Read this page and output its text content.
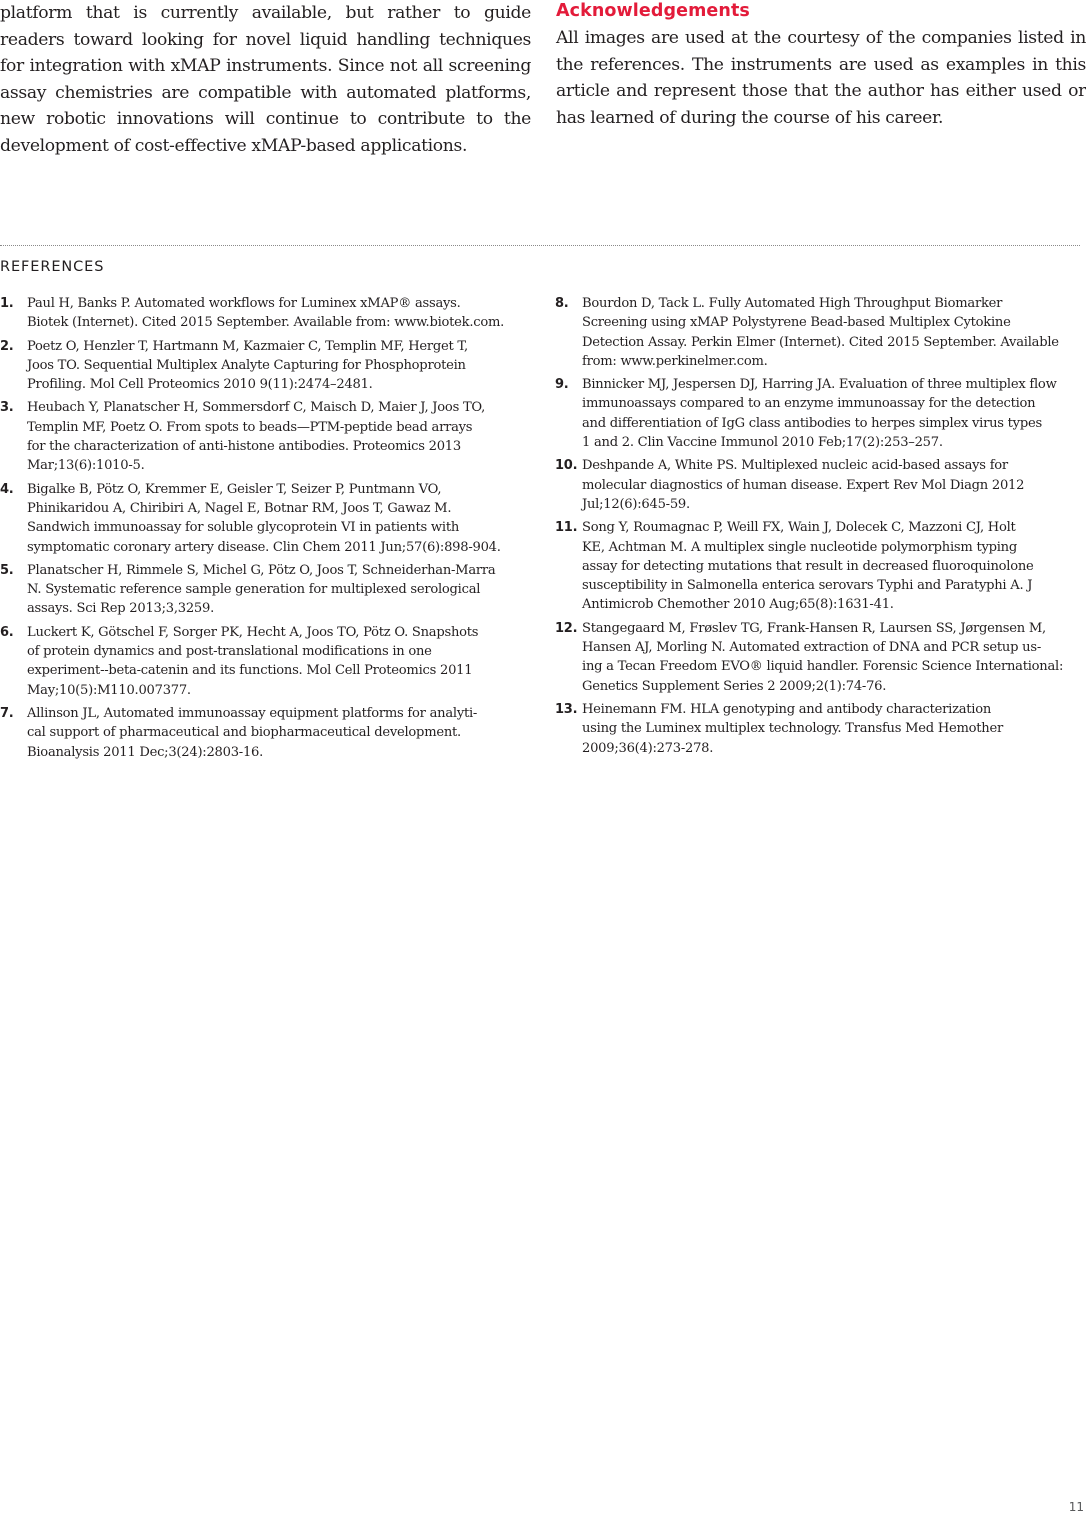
platform that is currently available, but rather to guide readers toward looking for novel liquid handling techniques for integration with xMAP instruments. Since not all screening assay chemistries are compatible with automated platforms, new robotic innovations will continue to contribute to the development of cost-effective xMAP-based applications.

Acknowledgements

All images are used at the courtesy of the companies listed in the references. The instruments are used as examples in this article and represent those that the author has either used or has learned of during the course of his career.

REFERENCES
1. Paul H, Banks P. Automated workflows for Luminex xMAP® assays.
Biotek (Internet). Cited 2015 September. Available from: www.biotek.com.
2. Poetz O, Henzler T, Hartmann M, Kazmaier C, Templin MF, Herget T,
Joos TO. Sequential Multiplex Analyte Capturing for Phosphoprotein
Profiling. Mol Cell Proteomics 2010 9(11):2474–2481.
3. Heubach Y, Planatscher H, Sommersdorf C, Maisch D, Maier J, Joos TO,
Templin MF, Poetz O. From spots to beads—PTM-peptide bead arrays
for the characterization of anti-histone antibodies. Proteomics 2013
Mar;13(6):1010-5.
4. Bigalke B, Pötz O, Kremmer E, Geisler T, Seizer P, Puntmann VO,
Phinikaridou A, Chiribiri A, Nagel E, Botnar RM, Joos T, Gawaz M.
Sandwich immunoassay for soluble glycoprotein VI in patients with
symptomatic coronary artery disease. Clin Chem 2011 Jun;57(6):898-904.
5. Planatscher H, Rimmele S, Michel G, Pötz O, Joos T, Schneiderhan-Marra
N. Systematic reference sample generation for multiplexed serological
assays. Sci Rep 2013;3,3259.
6. Luckert K, Götschel F, Sorger PK, Hecht A, Joos TO, Pötz O. Snapshots
of protein dynamics and post-translational modifications in one
experiment--beta-catenin and its functions. Mol Cell Proteomics 2011
May;10(5):M110.007377.
7. Allinson JL, Automated immunoassay equipment platforms for analyti-
cal support of pharmaceutical and biopharmaceutical development.
Bioanalysis 2011 Dec;3(24):2803-16.
8. Bourdon D, Tack L. Fully Automated High Throughput Biomarker
Screening using xMAP Polystyrene Bead-based Multiplex Cytokine
Detection Assay. Perkin Elmer (Internet). Cited 2015 September. Available
from: www.perkinelmer.com.
9. Binnicker MJ, Jespersen DJ, Harring JA. Evaluation of three multiplex flow
immunoassays compared to an enzyme immunoassay for the detection
and differentiation of IgG class antibodies to herpes simplex virus types
1 and 2. Clin Vaccine Immunol 2010 Feb;17(2):253–257.
10. Deshpande A, White PS. Multiplexed nucleic acid-based assays for
molecular diagnostics of human disease. Expert Rev Mol Diagn 2012
Jul;12(6):645-59.
11. Song Y, Roumagnac P, Weill FX, Wain J, Dolecek C, Mazzoni CJ, Holt
KE, Achtman M. A multiplex single nucleotide polymorphism typing
assay for detecting mutations that result in decreased fluoroquinolone
susceptibility in Salmonella enterica serovars Typhi and Paratyphi A. J
Antimicrob Chemother 2010 Aug;65(8):1631-41.
12. Stangegaard M, Frøslev TG, Frank-Hansen R, Laursen SS, Jørgensen M,
Hansen AJ, Morling N. Automated extraction of DNA and PCR setup us-
ing a Tecan Freedom EVO® liquid handler. Forensic Science International:
Genetics Supplement Series 2 2009;2(1):74-76.
13. Heinemann FM. HLA genotyping and antibody characterization
using the Luminex multiplex technology. Transfus Med Hemother
2009;36(4):273-278.
11
